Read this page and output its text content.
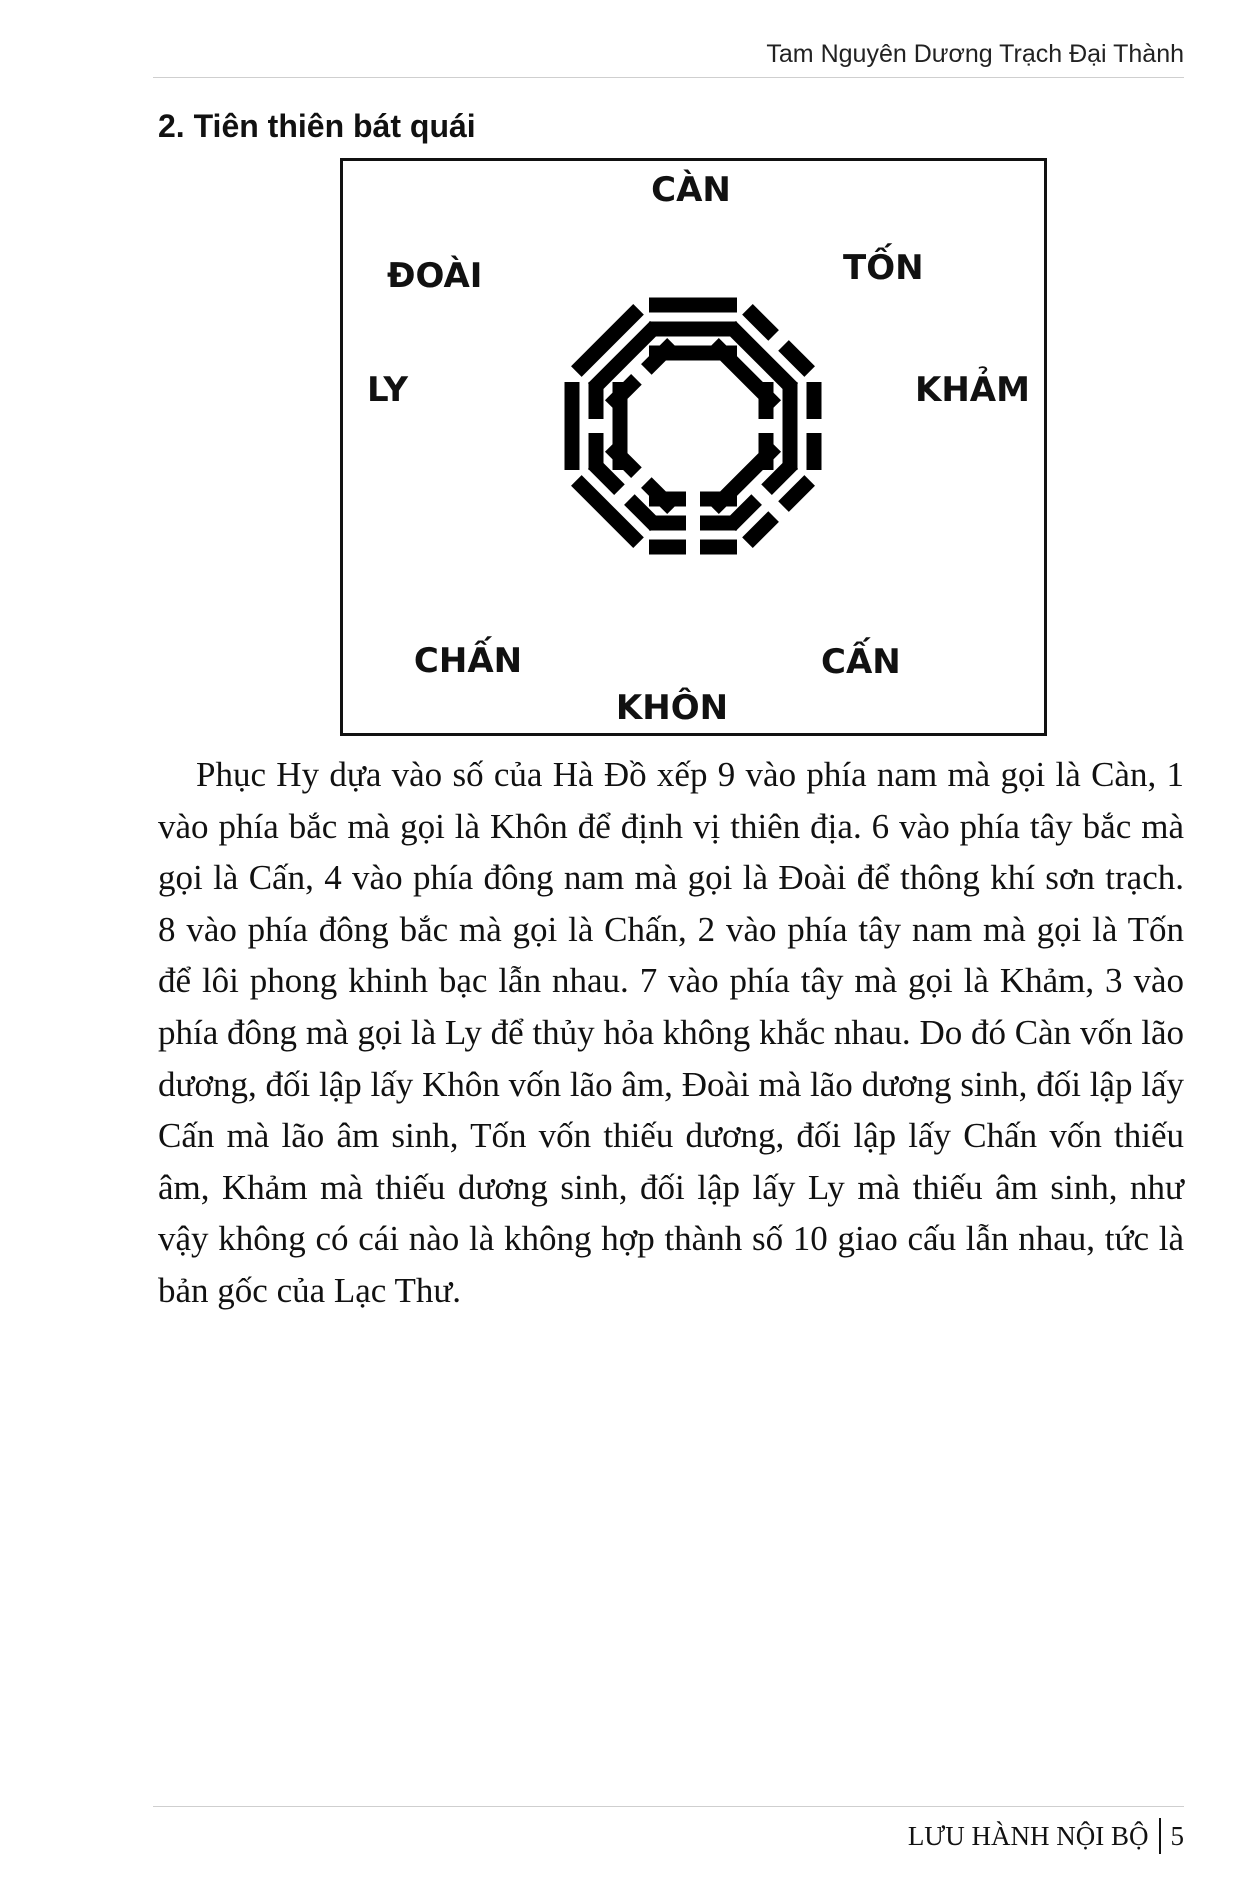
Tam Nguyên Dương Trạch Đại Thành
2. Tiên thiên bát quái
CÀN
TỐN
KHẢM
CẤN
KHÔN
CHẤN
LY
ĐOÀI

Phục Hy dựa vào số của Hà Đồ xếp 9 vào phía nam mà gọi là Càn, 1 vào phía bắc mà gọi là Khôn để định vị thiên địa. 6 vào phía tây bắc mà gọi là Cấn, 4 vào phía đông nam mà gọi là Đoài để thông khí sơn trạch. 8 vào phía đông bắc mà gọi là Chấn, 2 vào phía tây nam mà gọi là Tốn để lôi phong khinh bạc lẫn nhau. 7 vào phía tây mà gọi là Khảm, 3 vào phía đông mà gọi là Ly để thủy hỏa không khắc nhau. Do đó Càn vốn lão dương, đối lập lấy Khôn vốn lão âm, Đoài mà lão dương sinh, đối lập lấy Cấn mà lão âm sinh, Tốn vốn thiếu dương, đối lập lấy Chấn vốn thiếu âm, Khảm mà thiếu dương sinh, đối lập lấy Ly mà thiếu âm sinh, như vậy không có cái nào là không hợp thành số 10 giao cấu lẫn nhau, tức là bản gốc của Lạc Thư.

LƯU HÀNH NỘI BỘ 5
